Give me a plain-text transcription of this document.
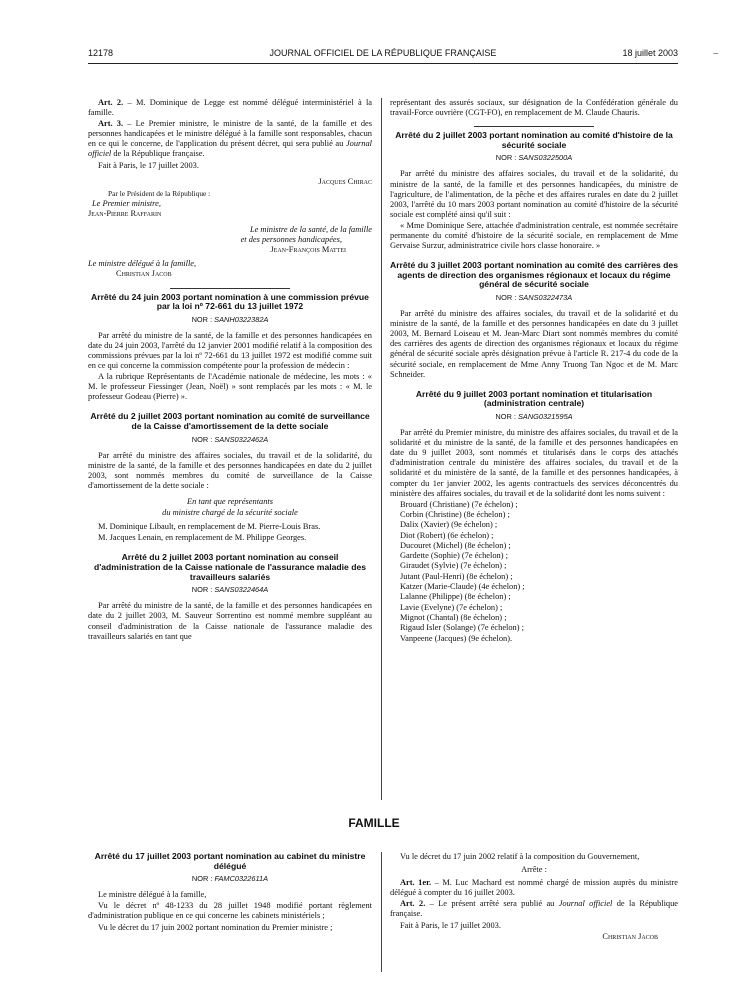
12178	JOURNAL OFFICIEL DE LA RÉPUBLIQUE FRANÇAISE	18 juillet 2003	–

Art. 2. – M. Dominique de Legge est nommé délégué interministériel à la famille.

Art. 3. – Le Premier ministre, le ministre de la santé, de la famille et des personnes handicapées et le ministre délégué à la famille sont responsables, chacun en ce qui le concerne, de l'application du présent décret, qui sera publié au Journal officiel de la République française.

Fait à Paris, le 17 juillet 2003.

Jacques Chirac
Par le Président de la République :
Le Premier ministre,
Jean-Pierre Raffarin
Le ministre de la santé, de la famille
et des personnes handicapées,
Jean-François Mattei
Le ministre délégué à la famille,
Christian Jacob
Arrêté du 24 juin 2003 portant nomination à une commission prévue par la loi nº 72-661 du 13 juillet 1972
NOR : SANH0322382A

Par arrêté du ministre de la santé, de la famille et des personnes handicapées en date du 24 juin 2003, l'arrêté du 12 janvier 2001 modifié relatif à la composition des commissions prévues par la loi nº 72-661 du 13 juillet 1972 est modifié comme suit en ce qui concerne la commission compétente pour la profession de médecin :

A la rubrique Représentants de l'Académie nationale de médecine, les mots : « M. le professeur Fiessinger (Jean, Noël) » sont remplacés par les mots : « M. le professeur Godeau (Pierre) ».

Arrêté du 2 juillet 2003 portant nomination au comité de surveillance de la Caisse d'amortissement de la dette sociale
NOR : SANS0322462A

Par arrêté du ministre des affaires sociales, du travail et de la solidarité, du ministre de la santé, de la famille et des personnes handicapées en date du 2 juillet 2003, sont nommés membres du comité de surveillance de la Caisse d'amortissement de la dette sociale :

En tant que représentants
du ministre chargé de la sécurité sociale

M. Dominique Libault, en remplacement de M. Pierre-Louis Bras.

M. Jacques Lenain, en remplacement de M. Philippe Georges.

Arrêté du 2 juillet 2003 portant nomination au conseil d'administration de la Caisse nationale de l'assurance maladie des travailleurs salariés
NOR : SANS0322464A

Par arrêté du ministre de la santé, de la famille et des personnes handicapées en date du 2 juillet 2003, M. Sauveur Sorrentino est nommé membre suppléant au conseil d'administration de la Caisse nationale de l'assurance maladie des travailleurs salariés en tant que

représentant des assurés sociaux, sur désignation de la Confédération générale du travail-Force ouvrière (CGT-FO), en remplacement de M. Claude Chauris.

Arrêté du 2 juillet 2003 portant nomination au comité d'histoire de la sécurité sociale
NOR : SANS0322500A

Par arrêté du ministre des affaires sociales, du travail et de la solidarité, du ministre de la santé, de la famille et des personnes handicapées, du ministre de l'agriculture, de l'alimentation, de la pêche et des affaires rurales en date du 2 juillet 2003, l'arrêté du 10 mars 2003 portant nomination au comité d'histoire de la sécurité sociale est complété ainsi qu'il suit :

« Mme Dominique Sere, attachée d'administration centrale, est nommée secrétaire permanente du comité d'histoire de la sécurité sociale, en remplacement de Mme Gervaise Surzur, administratrice civile hors classe honoraire. »

Arrêté du 3 juillet 2003 portant nomination au comité des carrières des agents de direction des organismes régionaux et locaux du régime général de sécurité sociale
NOR : SANS0322473A

Par arrêté du ministre des affaires sociales, du travail et de la solidarité et du ministre de la santé, de la famille et des personnes handicapées en date du 3 juillet 2003, M. Bernard Loiseau et M. Jean-Marc Diart sont nommés membres du comité des carrières des agents de direction des organismes régionaux et locaux du régime général de sécurité sociale après désignation prévue à l'article R. 217-4 du code de la sécurité sociale, en remplacement de Mme Anny Truong Tan Ngoc et de M. Marc Schneider.

Arrêté du 9 juillet 2003 portant nomination et titularisation (administration centrale)
NOR : SANG0321595A

Par arrêté du Premier ministre, du ministre des affaires sociales, du travail et de la solidarité et du ministre de la santé, de la famille et des personnes handicapées en date du 9 juillet 2003, sont nommés et titularisés dans le corps des attachés d'administration centrale du ministère des affaires sociales, du travail et de la solidarité et du ministère de la santé, de la famille et des personnes handicapées, à compter du 1er janvier 2002, les agents contractuels des services déconcentrés du ministère des affaires sociales, du travail et de la solidarité dont les noms suivent :

Brouard (Christiane) (7e échelon) ;
Corbin (Christine) (8e échelon) ;
Dalix (Xavier) (9e échelon) ;
Diot (Robert) (6e échelon) ;
Ducouret (Michel) (8e échelon) ;
Gardette (Sophie) (7e échelon) ;
Giraudet (Sylvie) (7e échelon) ;
Jutant (Paul-Henri) (8e échelon) ;
Katzer (Marie-Claude) (4e échelon) ;
Lalanne (Philippe) (8e échelon) ;
Lavie (Evelyne) (7e échelon) ;
Mignot (Chantal) (8e échelon) ;
Rigaud Isler (Solange) (7e échelon) ;
Vanpeene (Jacques) (9e échelon).
FAMILLE
Arrêté du 17 juillet 2003 portant nomination au cabinet du ministre délégué
NOR : FAMC0322611A

Le ministre délégué à la famille,

Vu le décret nº 48-1233 du 28 juillet 1948 modifié portant règlement d'administration publique en ce qui concerne les cabinets ministériels ;

Vu le décret du 17 juin 2002 portant nomination du Premier ministre ;

Vu le décret du 17 juin 2002 relatif à la composition du Gouvernement,

Arrête :

Art. 1er. – M. Luc Machard est nommé chargé de mission auprès du ministre délégué à compter du 16 juillet 2003.

Art. 2. – Le présent arrêté sera publié au Journal officiel de la République française.

Fait à Paris, le 17 juillet 2003.

Christian Jacob
